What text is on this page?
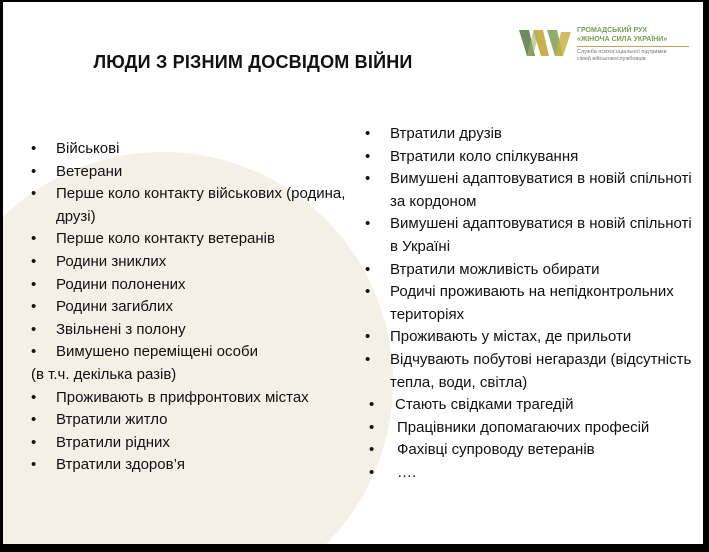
ЛЮДИ З РІЗНИМ ДОСВІДОМ ВІЙНИ
ГРОМАДСЬКИЙ РУХ
«ЖІНОЧА СИЛА УКРАЇНИ»
Служба психосоціальної підтримки
сімей військовослужбовців
• Військові
• Ветерани
• Перше коло контакту військових (родина, друзі)
• Перше коло контакту ветеранів
• Родини зниклих
• Родини полонених
• Родини загиблих
• Звільнені з полону
• Вимушено переміщені особи
(в т.ч. декілька разів)
• Проживають в прифронтових містах
• Втратили житло
• Втратили рідних
• Втратили здоров’я
• Втратили друзів
• Втратили коло спілкування
• Вимушені адаптовуватися в новій спільноті за кордоном
• Вимушені адаптовуватися в новій спільноті в Україні
• Втратили можливість обирати
• Родичі проживають на непідконтрольних територіях
• Проживають у містах, де прильоти
• Відчувають побутові негаразди (відсутність тепла, води, світла)
• Стають свідками трагедій
• Працівники допомагаючих професій
• Фахівці супроводу ветеранів
• ….
